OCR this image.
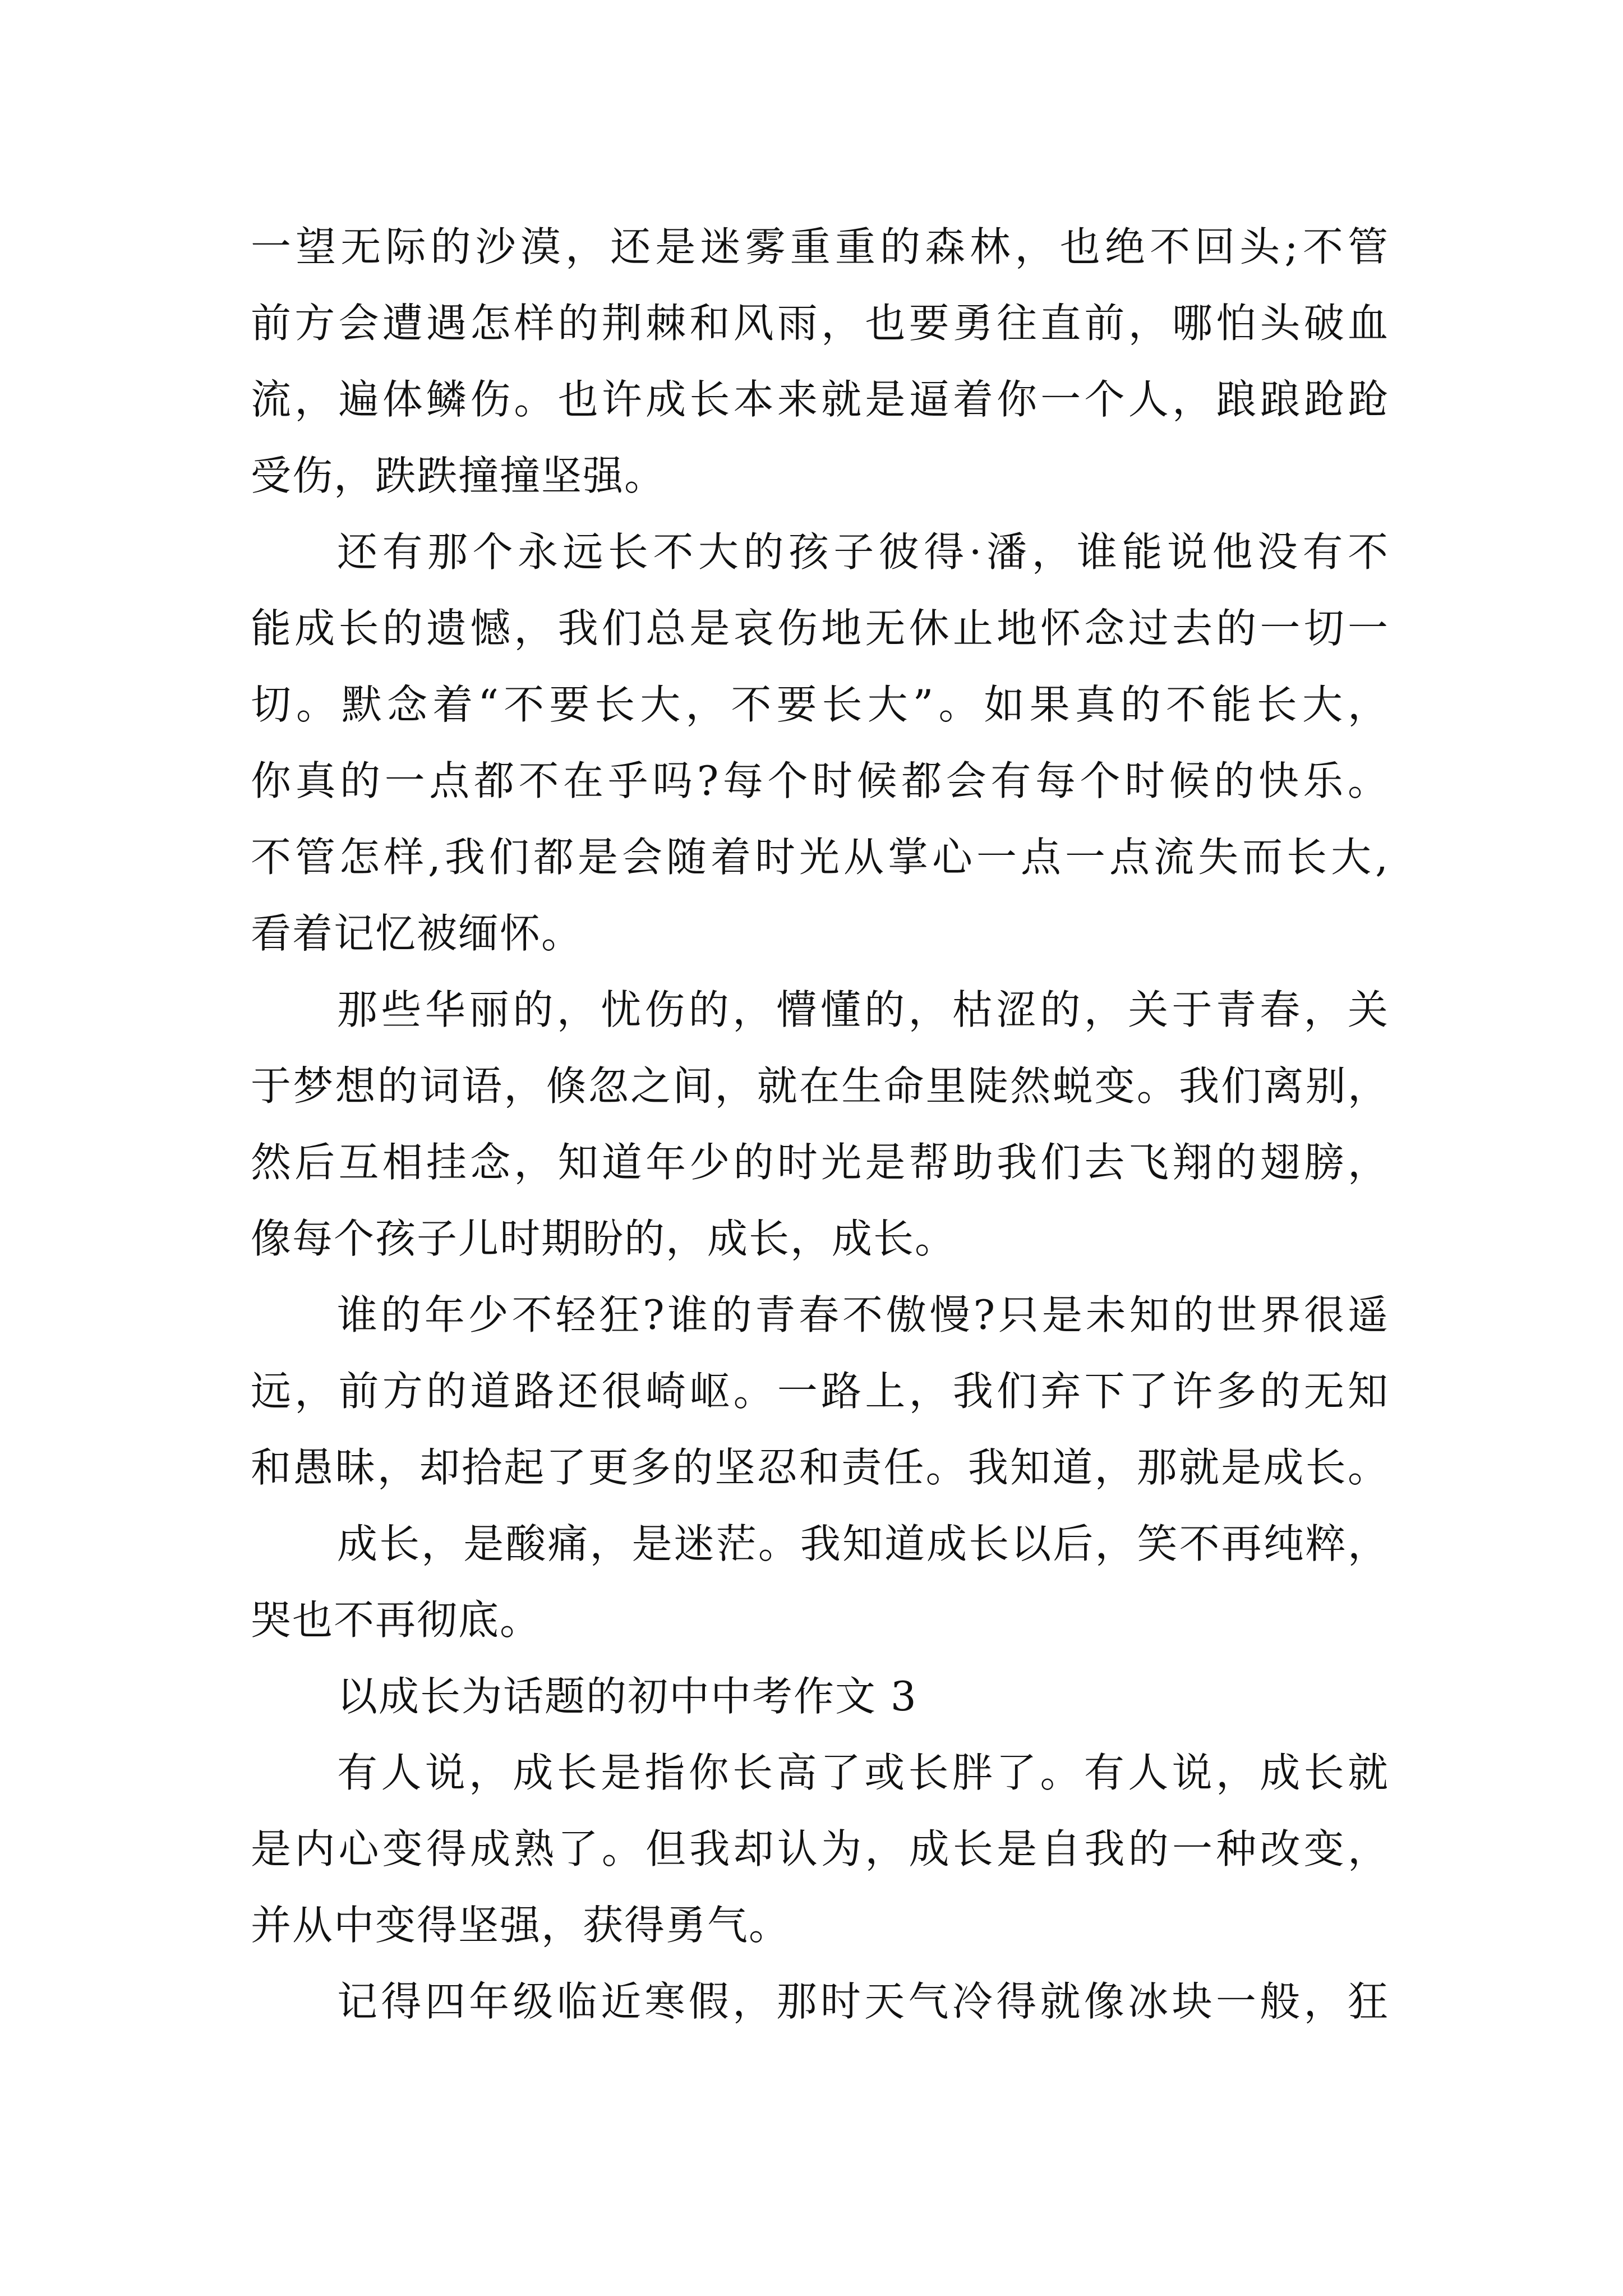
一望无际的沙漠，还是迷雾重重的森林，也绝不回头;不管
前方会遭遇怎样的荆棘和风雨，也要勇往直前，哪怕头破血
流，遍体鳞伤。也许成长本来就是逼着你一个人，踉踉跄跄
受伤，跌跌撞撞坚强。
还有那个永远长不大的孩子彼得·潘，谁能说他没有不
能成长的遗憾，我们总是哀伤地无休止地怀念过去的一切一
切。默念着“不要长大，不要长大”。如果真的不能长大，
你真的一点都不在乎吗?每个时候都会有每个时候的快乐。
不管怎样,我们都是会随着时光从掌心一点一点流失而长大,
看着记忆被缅怀。
那些华丽的，忧伤的，懵懂的，枯涩的，关于青春，关
于梦想的词语，倏忽之间，就在生命里陡然蜕变。我们离别，
然后互相挂念，知道年少的时光是帮助我们去飞翔的翅膀，
像每个孩子儿时期盼的，成长，成长。
谁的年少不轻狂?谁的青春不傲慢?只是未知的世界很遥
远，前方的道路还很崎岖。一路上，我们弃下了许多的无知
和愚昧，却拾起了更多的坚忍和责任。我知道，那就是成长。
成长，是酸痛，是迷茫。我知道成长以后，笑不再纯粹，
哭也不再彻底。
以成长为话题的初中中考作文 3
有人说，成长是指你长高了或长胖了。有人说，成长就
是内心变得成熟了。但我却认为，成长是自我的一种改变，
并从中变得坚强，获得勇气。
记得四年级临近寒假，那时天气冷得就像冰块一般，狂
